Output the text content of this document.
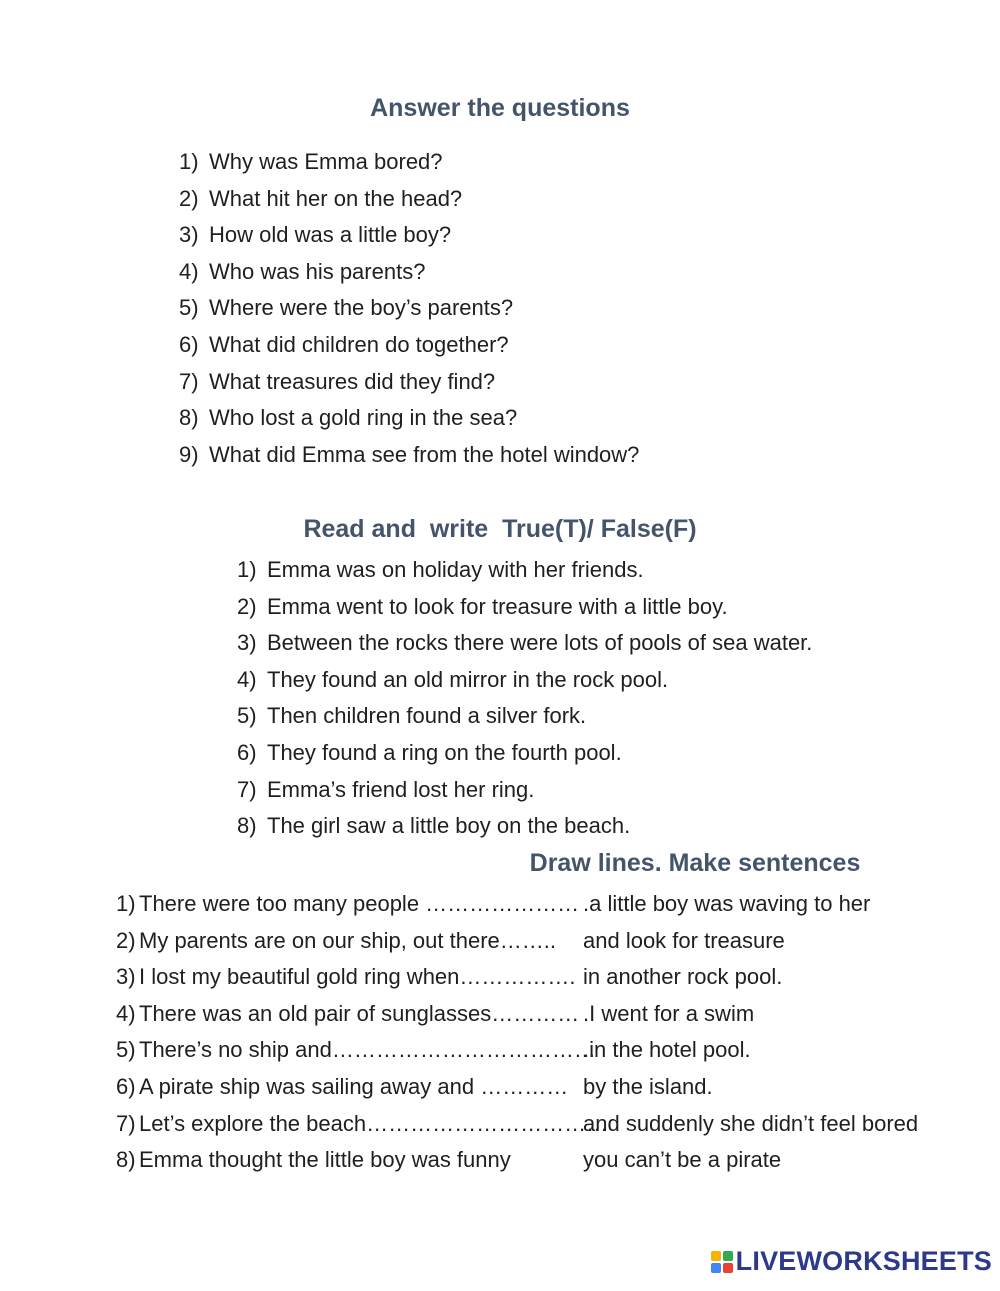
Answer the questions
1) Why was Emma bored?
2) What hit her on the head?
3) How old was a little boy?
4) Who was his parents?
5) Where were the boy’s parents?
6) What did children do together?
7) What treasures did they find?
8) Who lost a gold ring in the sea?
9) What did Emma see from the hotel window?
Read and  write  True(T)/ False(F)
1) Emma was on holiday with her friends.
2) Emma went to look for treasure with a little boy.
3) Between the rocks there were lots of pools of sea water.
4) They found an old mirror in the rock pool.
5) Then children found a silver fork.
6) They found a ring on the fourth pool.
7) Emma’s friend lost her ring.
8) The girl saw a little boy on the beach.
Draw lines. Make sentences
1) There were too many people ………………… .a little boy was waving to her
2) My parents are on our ship, out there……..	and look for treasure
3) I lost my beautiful gold ring when……………. in another rock pool.
4) There was an old pair of sunglasses………… .I went for a swim
5) There’s no ship and………………………………
.in the hotel pool.
6) A pirate ship was sailing away and ………… by the island.
7) Let’s explore the beach……………………………
and suddenly she didn’t feel bored
8) Emma thought the little boy was funny	you can’t be a pirate
LIVEWORKSHEETS
